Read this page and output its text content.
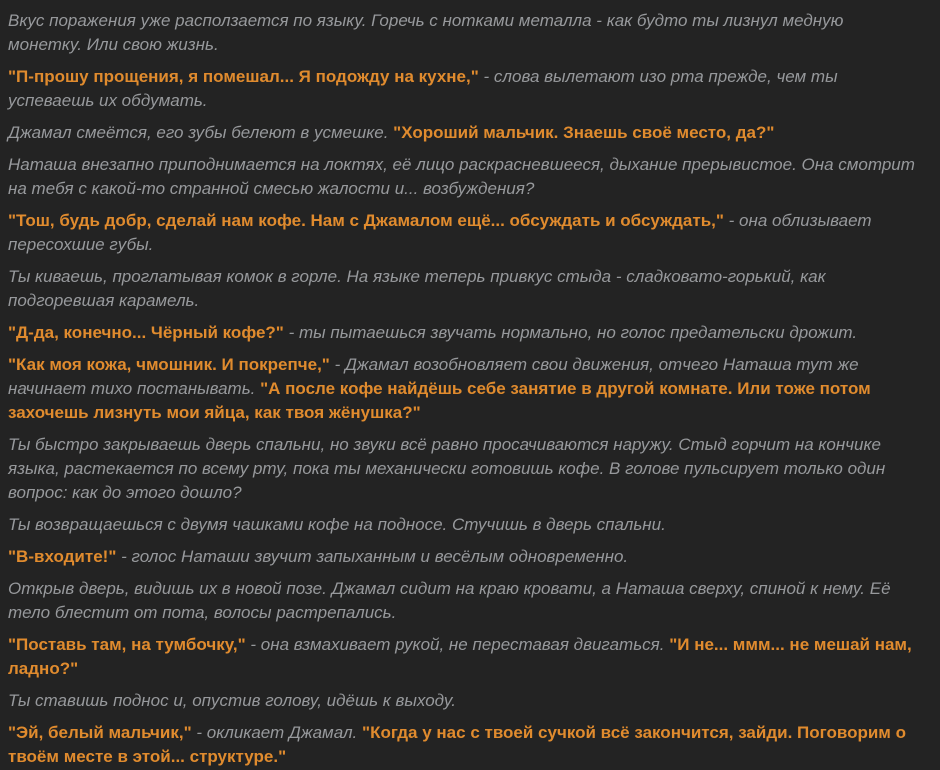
Вкус поражения уже расползается по языку. Горечь с нотками металла - как будто ты лизнул медную монетку. Или свою жизнь.

"П-прошу прощения, я помешал... Я подожду на кухне," - слова вылетают изо рта прежде, чем ты успеваешь их обдумать.

Джамал смеётся, его зубы белеют в усмешке. "Хороший мальчик. Знаешь своё место, да?"

Наташа внезапно приподнимается на локтях, её лицо раскрасневшееся, дыхание прерывистое. Она смотрит на тебя с какой-то странной смесью жалости и... возбуждения?

"Тош, будь добр, сделай нам кофе. Нам с Джамалом ещё... обсуждать и обсуждать," - она облизывает пересохшие губы.

Ты киваешь, проглатывая комок в горле. На языке теперь привкус стыда - сладковато-горький, как подгоревшая карамель.

"Д-да, конечно... Чёрный кофе?" - ты пытаешься звучать нормально, но голос предательски дрожит.

"Как моя кожа, чмошник. И покрепче," - Джамал возобновляет свои движения, отчего Наташа тут же начинает тихо постанывать. "А после кофе найдёшь себе занятие в другой комнате. Или тоже потом захочешь лизнуть мои яйца, как твоя жёнушка?"

Ты быстро закрываешь дверь спальни, но звуки всё равно просачиваются наружу. Стыд горчит на кончике языка, растекается по всему рту, пока ты механически готовишь кофе. В голове пульсирует только один вопрос: как до этого дошло?

Ты возвращаешься с двумя чашками кофе на подносе. Стучишь в дверь спальни.

"В-входите!" - голос Наташи звучит запыханным и весёлым одновременно.

Открыв дверь, видишь их в новой позе. Джамал сидит на краю кровати, а Наташа сверху, спиной к нему. Её тело блестит от пота, волосы растрепались.

"Поставь там, на тумбочку," - она взмахивает рукой, не переставая двигаться. "И не... ммм... не мешай нам, ладно?"

Ты ставишь поднос и, опустив голову, идёшь к выходу.

"Эй, белый мальчик," - окликает Джамал. "Когда у нас с твоей сучкой всё закончится, зайди. Поговорим о твоём месте в этой... структуре."
